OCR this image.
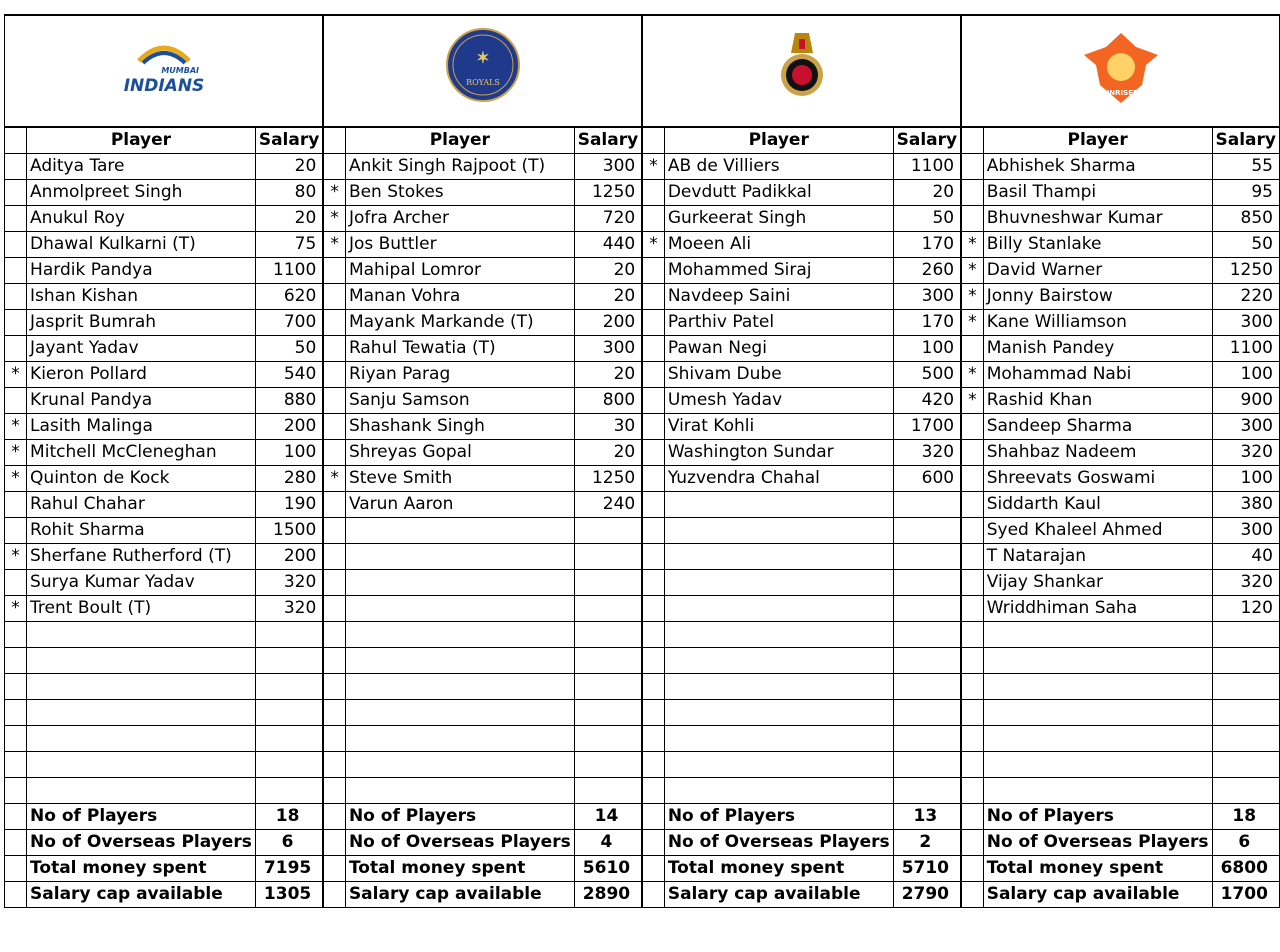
MUMBAI
INDIANS			✶
ROYALS						SUNRISERS		

	Player	Salary		Player	Salary		Player	Salary		Player	Salary
	Aditya Tare	20		Ankit Singh Rajpoot (T)	300	*	AB de Villiers	1100		Abhishek Sharma	55
	Anmolpreet Singh	80	*	Ben Stokes	1250		Devdutt Padikkal	20		Basil Thampi	95
	Anukul Roy	20	*	Jofra Archer	720		Gurkeerat Singh	50		Bhuvneshwar Kumar	850
	Dhawal Kulkarni (T)	75	*	Jos Buttler	440	*	Moeen Ali	170	*	Billy Stanlake	50
	Hardik Pandya	1100		Mahipal Lomror	20		Mohammed Siraj	260	*	David Warner	1250
	Ishan Kishan	620		Manan Vohra	20		Navdeep Saini	300	*	Jonny Bairstow	220
	Jasprit Bumrah	700		Mayank Markande (T)	200		Parthiv Patel	170	*	Kane Williamson	300
	Jayant Yadav	50		Rahul Tewatia (T)	300		Pawan Negi	100		Manish Pandey	1100
*	Kieron Pollard	540		Riyan Parag	20		Shivam Dube	500	*	Mohammad Nabi	100
	Krunal Pandya	880		Sanju Samson	800		Umesh Yadav	420	*	Rashid Khan	900
*	Lasith Malinga	200		Shashank Singh	30		Virat Kohli	1700		Sandeep Sharma	300
*	Mitchell McCleneghan	100		Shreyas Gopal	20		Washington Sundar	320		Shahbaz Nadeem	320
*	Quinton de Kock	280	*	Steve Smith	1250		Yuzvendra Chahal	600		Shreevats Goswami	100
	Rahul Chahar	190		Varun Aaron	240					Siddarth Kaul	380
	Rohit Sharma	1500								Syed Khaleel Ahmed	300
*	Sherfane Rutherford (T)	200								T Natarajan	40
	Surya Kumar Yadav	320								Vijay Shankar	320
*	Trent Boult (T)	320								Wriddhiman Saha	120

	No of Players	18		No of Players	14		No of Players	13		No of Players	18
	No of Overseas Players	6		No of Overseas Players	4		No of Overseas Players	2		No of Overseas Players	6
	Total money spent	7195		Total money spent	5610		Total money spent	5710		Total money spent	6800
	Salary cap available	1305		Salary cap available	2890		Salary cap available	2790		Salary cap available	1700
